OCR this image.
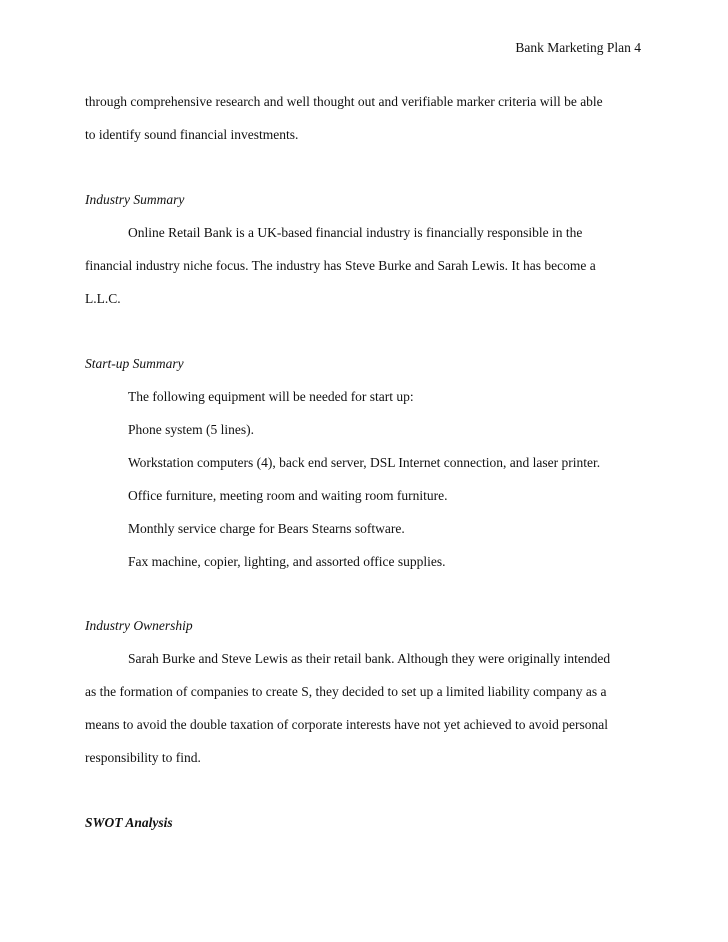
Bank Marketing Plan 4
through comprehensive research and well thought out and verifiable marker criteria will be able
to identify sound financial investments.
Industry Summary
Online Retail Bank is a UK-based financial industry is financially responsible in the
financial industry niche focus. The industry has Steve Burke and Sarah Lewis. It has become a
L.L.C.
Start-up Summary
The following equipment will be needed for start up:
Phone system (5 lines).
Workstation computers (4), back end server, DSL Internet connection, and laser printer.
Office furniture, meeting room and waiting room furniture.
Monthly service charge for Bears Stearns software.
Fax machine, copier, lighting, and assorted office supplies.
Industry Ownership
Sarah Burke and Steve Lewis as their retail bank. Although they were originally intended
as the formation of companies to create S, they decided to set up a limited liability company as a
means to avoid the double taxation of corporate interests have not yet achieved to avoid personal
responsibility to find.
SWOT Analysis
